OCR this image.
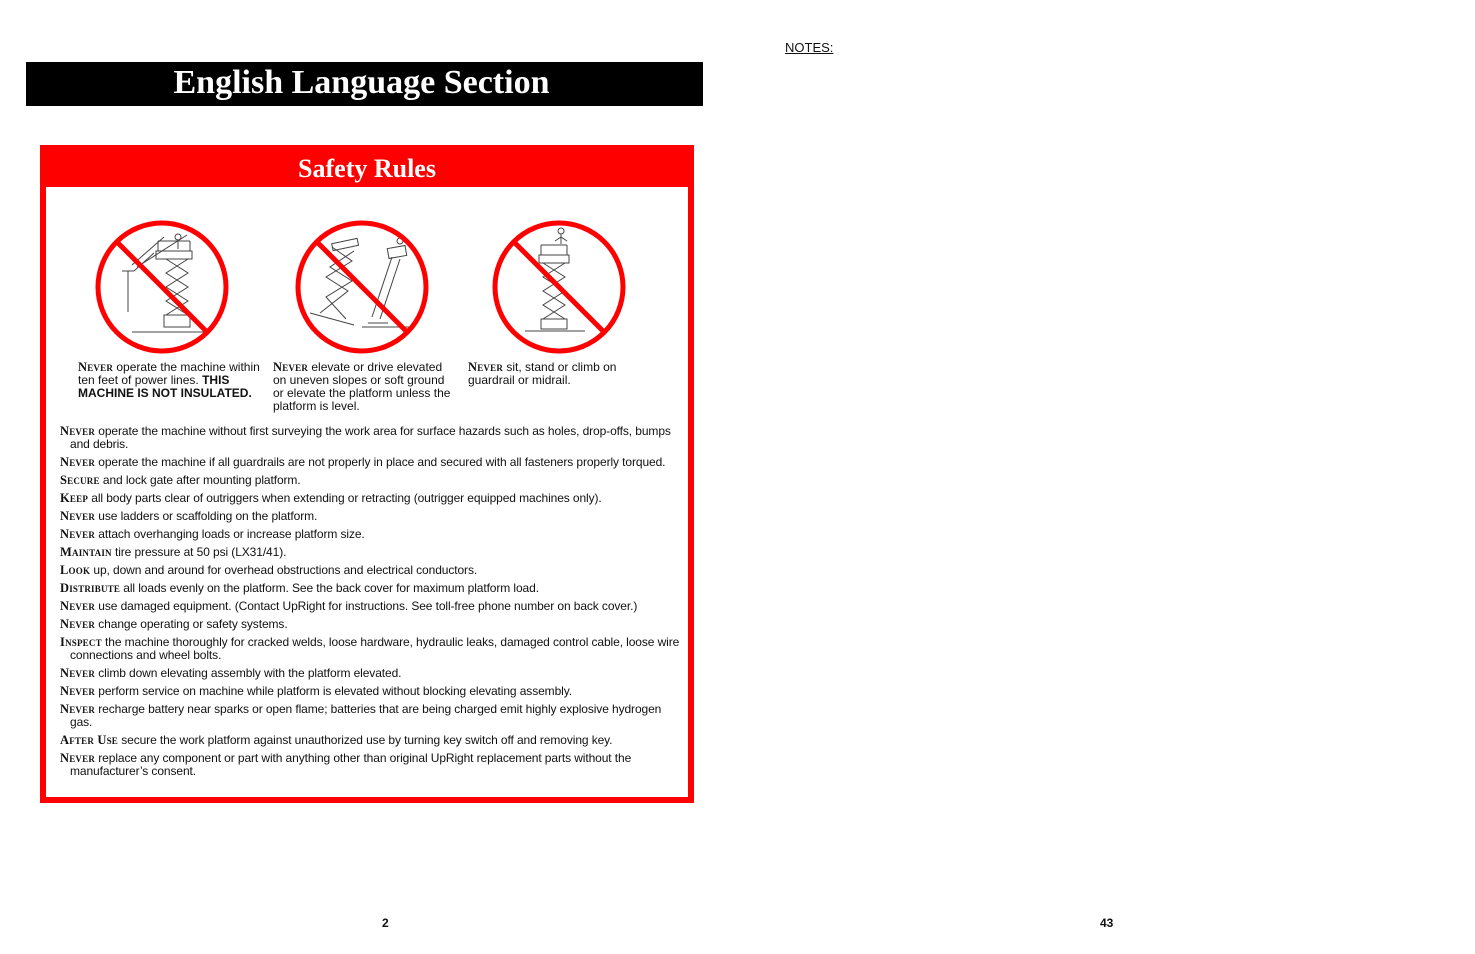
English Language Section
NOTES:
Safety Rules
Never operate the machine within ten feet of power lines. THIS MACHINE IS NOT INSULATED.
Never elevate or drive elevated on uneven slopes or soft ground or elevate the platform unless the platform is level.
Never sit, stand or climb on guardrail or midrail.
Never operate the machine without first surveying the work area for surface hazards such as holes, drop-offs, bumps and debris.
Never operate the machine if all guardrails are not properly in place and secured with all fasteners properly torqued.
Secure and lock gate after mounting platform.
Keep all body parts clear of outriggers when extending or retracting (outrigger equipped machines only).
Never use ladders or scaffolding on the platform.
Never attach overhanging loads or increase platform size.
Maintain tire pressure at 50 psi (LX31/41).
Look up, down and around for overhead obstructions and electrical conductors.
Distribute all loads evenly on the platform. See the back cover for maximum platform load.
Never use damaged equipment. (Contact UpRight for instructions. See toll-free phone number on back cover.)
Never change operating or safety systems.
Inspect the machine thoroughly for cracked welds, loose hardware, hydraulic leaks, damaged control cable, loose wire connections and wheel bolts.
Never climb down elevating assembly with the platform elevated.
Never perform service on machine while platform is elevated without blocking elevating assembly.
Never recharge battery near sparks or open flame; batteries that are being charged emit highly explosive hydrogen gas.
After Use secure the work platform against unauthorized use by turning key switch off and removing key.
Never replace any component or part with anything other than original UpRight replacement parts without the manufacturer’s consent.
2	43
